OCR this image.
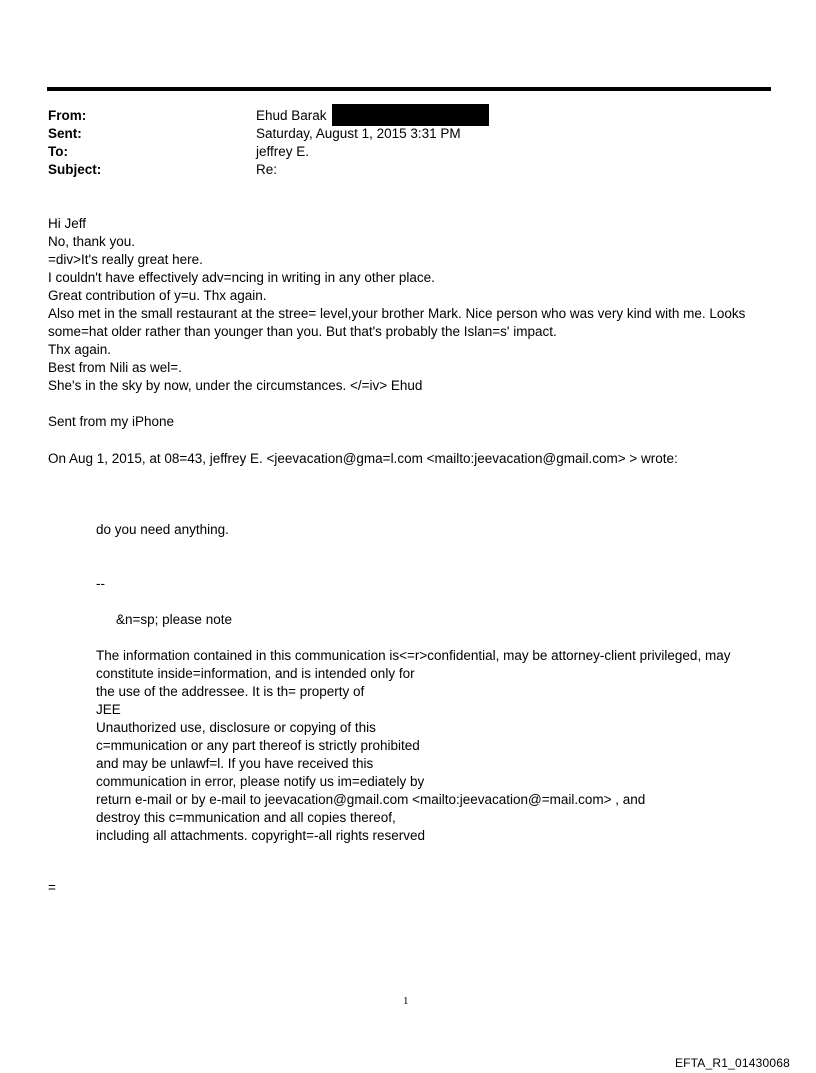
From:	Ehud Barak
Sent:	Saturday, August 1, 2015 3:31 PM
To:	jeffrey E.
Subject:	Re:
Hi Jeff
No, thank you.
=div>It's really great here.
I couldn't have effectively adv=ncing in writing in any other place.
Great contribution of y=u. Thx again.
Also met in the small restaurant at the stree= level,your brother Mark. Nice person who was very kind with me. Looks
some=hat older rather than younger than you. But that's probably the Islan=s' impact.
Thx again.
Best from Nili as wel=.
She's in the sky by now, under the circumstances. </=iv> Ehud
Sent from my iPhone
On Aug 1, 2015, at 08=43, jeffrey E. <jeevacation@gma=l.com <mailto:jeevacation@gmail.com> > wrote:
do you need anything.
--
&n=sp; please note
The information contained in this communication is<=r>confidential, may be attorney-client privileged, may
constitute inside=information, and is intended only for
the use of the addressee. It is th= property of
JEE
Unauthorized use, disclosure or copying of this
c=mmunication or any part thereof is strictly prohibited
and may be unlawf=l. If you have received this
communication in error, please notify us im=ediately by
return e-mail or by e-mail to jeevacation@gmail.com <mailto:jeevacation@=mail.com> , and
destroy this c=mmunication and all copies thereof,
including all attachments. copyright=-all rights reserved
=
1
EFTA_R1_01430068
